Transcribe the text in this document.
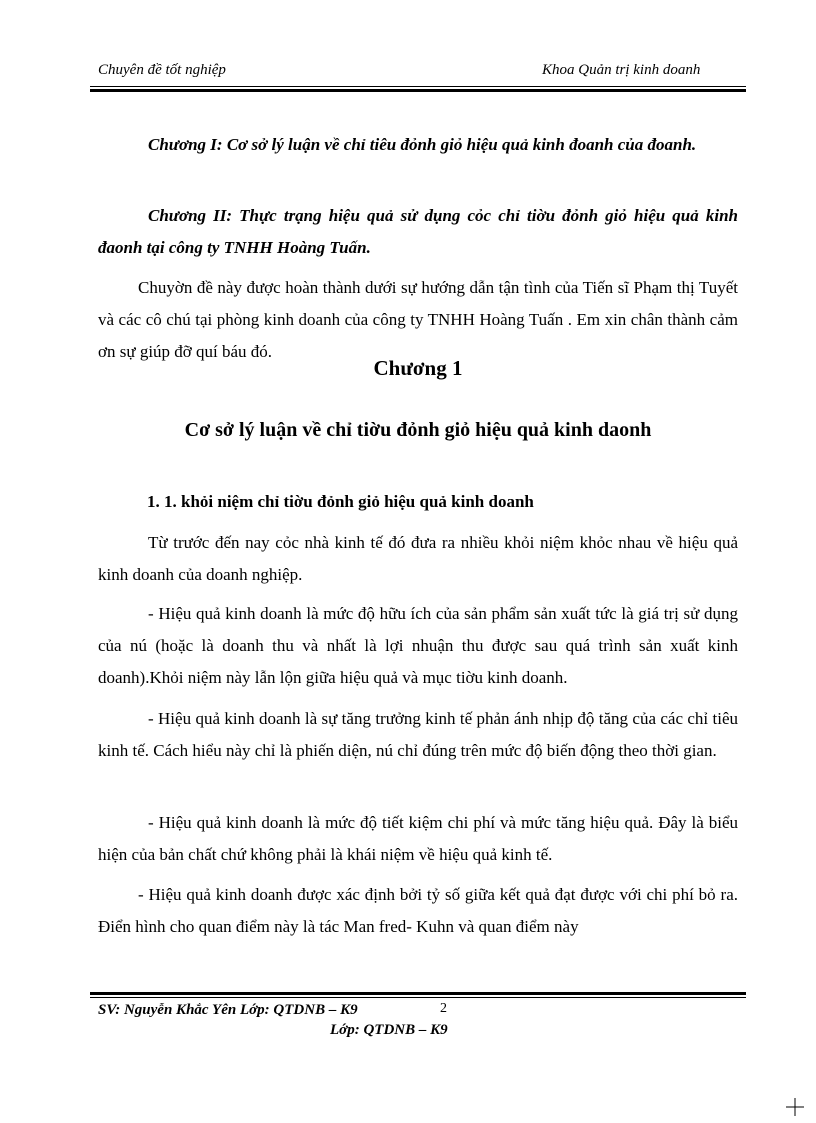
Chuyên đề tốt nghiệp	Khoa Quản trị kinh doanh
Chương I: Cơ sở lý luận về chỉ tiêu đỏnh giỏ hiệu quả kinh đoanh của đoanh.
Chương II: Thực trạng hiệu quả sử dụng cỏc chỉ tiờu đỏnh giỏ hiệu quả kinh đaonh tại công ty TNHH Hoàng Tuấn.
Chuyờn đề này được hoàn thành dưới sự hướng dẫn tận tình của Tiến sĩ Phạm thị Tuyết và các cô chú tại phòng kinh doanh của công ty TNHH Hoàng Tuấn . Em xin chân thành cảm ơn sự giúp đỡ quí báu đó.
Chương 1
Cơ sở lý luận về chỉ tiờu đỏnh giỏ hiệu quả kinh daonh
1. 1. khỏi niệm chỉ tiờu đỏnh giỏ hiệu quả kinh doanh
Từ trước đến nay cỏc nhà kinh tế đó đưa ra nhiều khỏi niệm khỏc nhau về hiệu quả kinh doanh của doanh nghiệp.
- Hiệu quả kinh doanh là mức độ hữu ích của sản phẩm sản xuất tức là giá trị sử dụng của nú (hoặc là doanh thu và nhất là lợi nhuận thu được sau quá trình sản xuất kinh doanh).Khỏi niệm này lẫn lộn giữa hiệu quả và mục tiờu kinh doanh.
- Hiệu quả kinh doanh là sự tăng trưởng kinh tế phản ánh nhịp độ tăng của các chỉ tiêu kinh tế. Cách hiểu này chỉ là phiến diện, nú chỉ đúng trên mức độ biến động theo thời gian.
- Hiệu quả kinh doanh là mức độ tiết kiệm chi phí và mức tăng hiệu quả. Đây là biểu hiện của bản chất chứ không phải là khái niệm về hiệu quả kinh tế.
- Hiệu quả kinh doanh được xác định bởi tỷ số giữa kết quả đạt được với chi phí bỏ ra. Điển hình cho quan điểm này là tác Man fred- Kuhn và quan điểm này
SV: Nguyễn Khắc Yên Lớp: QTDNB – K9	2
Lớp: QTDNB – K9
